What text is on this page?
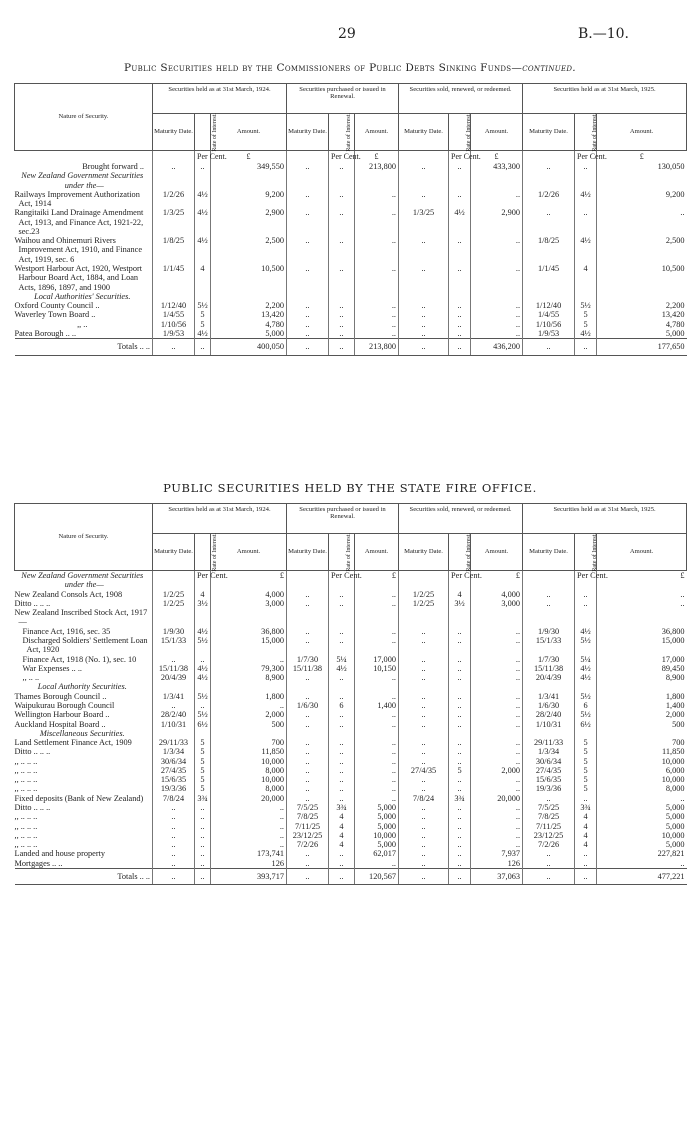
29	B.—10.
Public Securities held by the Commissioners of Public Debts Sinking Funds—continued.
Nature of Security.	Securities held as at 31st March, 1924.			Securities purchased or issued in Renewal.			Securities sold, renewed, or redeemed.			Securities held as at 31st March, 1925.		
	Maturity Date.	Rate of Interest.	Amount.	Maturity Date.	Rate of Interest.	Amount.	Maturity Date.	Rate of Interest.	Amount.	Maturity Date.	Rate of Interest.	Amount.
		Per Cent.	£		Per Cent.	£		Per Cent.	£		Per Cent.	£
Brought forward ..	..	..	349,550	..	..	213,800	..	..	433,300	..	..	130,050
New Zealand Government Securities under the—												
Railways Improvement Authorization Act, 1914	1/2/26	4½	9,200	..	..	..	..	..	..	1/2/26	4½	9,200
Rangitaiki Land Drainage Amendment Act, 1913, and Finance Act, 1921-22, sec.23	1/3/25	4½	2,900	..	..	..	1/3/25	4½	2,900	..	..	..
Waihou and Ohinemuri Rivers Improvement Act, 1910, and Finance Act, 1919, sec. 6	1/8/25	4½	2,500	..	..	..	..	..	..	1/8/25	4½	2,500
Westport Harbour Act, 1920, Westport Harbour Board Act, 1884, and Loan Acts, 1896, 1897, and 1900	1/1/45	4	10,500	..	..	..	..	..	..	1/1/45	4	10,500
Local Authorities' Securities.												
Oxford County Council ..	1/12/40	5½	2,200	..	..	..	..	..	..	1/12/40	5½	2,200
Waverley Town Board ..	1/4/55	5	13,420	..	..	..	..	..	..	1/4/55	5	13,420
,, ..	1/10/56	5	4,780	..	..	..	..	..	..	1/10/56	5	4,780
Patea Borough .. ..	1/9/53	4½	5,000	..	..	..	..	..	..	1/9/53	4½	5,000
Totals .. ..	..	..	400,050	..	..	213,800	..	..	436,200	..	..	177,650
PUBLIC SECURITIES HELD BY THE STATE FIRE OFFICE.
Nature of Security.	Securities held as at 31st March, 1924.			Securities purchased or issued in Renewal.			Securities sold, renewed, or redeemed.			Securities held as at 31st March, 1925.		
	Maturity Date.	Rate of Interest.	Amount.	Maturity Date.	Rate of Interest.	Amount.	Maturity Date.	Rate of Interest.	Amount.	Maturity Date.	Rate of Interest.	Amount.
New Zealand Government Securities under the—		Per Cent.	£		Per Cent.	£		Per Cent.	£		Per Cent.	£
New Zealand Consols Act, 1908	1/2/25	4	4,000	..	..	..	1/2/25	4	4,000	..	..	..
Ditto .. .. ..	1/2/25	3½	3,000	..	..	..	1/2/25	3½	3,000	..	..	..
New Zealand Inscribed Stock Act, 1917—												
Finance Act, 1916, sec. 35	1/9/30	4½	36,800	..	..	..	..	..	..	1/9/30	4½	36,800
Discharged Soldiers' Settlement Loan Act, 1920	15/1/33	5½	15,000	..	..	..	..	..	..	15/1/33	5½	15,000
Finance Act, 1918 (No. 1), sec. 10	..	..	..	1/7/30	5¼	17,000	..	..	..	1/7/30	5¼	17,000
War Expenses .. ..	15/11/38	4½	79,300	15/11/38	4½	10,150	..	..	..	15/11/38	4½	89,450
,, .. ..	20/4/39	4½	8,900	..	..	..	..	..	..	20/4/39	4½	8,900
Local Authority Securities.												
Thames Borough Council ..	1/3/41	5½	1,800	..	..	..	..	..	..	1/3/41	5½	1,800
Waipukurau Borough Council	..	..	..	1/6/30	6	1,400	..	..	..	1/6/30	6	1,400
Wellington Harbour Board ..	28/2/40	5½	2,000	..	..	..	..	..	..	28/2/40	5½	2,000
Auckland Hospital Board ..	1/10/31	6½	500	..	..	..	..	..	..	1/10/31	6½	500
Miscellaneous Securities.												
Land Settlement Finance Act, 1909	29/11/33	5	700	..	..	..	..	..	..	29/11/33	5	700
Ditto .. .. ..	1/3/34	5	11,850	..	..	..	..	..	..	1/3/34	5	11,850
,, .. .. ..	30/6/34	5	10,000	..	..	..	..	..	..	30/6/34	5	10,000
,, .. .. ..	27/4/35	5	8,000	..	..	..	27/4/35	5	2,000	27/4/35	5	6,000
,, .. .. ..	15/6/35	5	10,000	..	..	..	..	..	..	15/6/35	5	10,000
,, .. .. ..	19/3/36	5	8,000	..	..	..	..	..	..	19/3/36	5	8,000
Fixed deposits (Bank of New Zealand)	7/8/24	3¾	20,000	..	..	..	7/8/24	3¾	20,000	..	..	..
Ditto .. .. ..	..	..	..	7/5/25	3¾	5,000	..	..	..	7/5/25	3¾	5,000
,, .. .. ..	..	..	..	7/8/25	4	5,000	..	..	..	7/8/25	4	5,000
,, .. .. ..	..	..	..	7/11/25	4	5,000	..	..	..	7/11/25	4	5,000
,, .. .. ..	..	..	..	23/12/25	4	10,000	..	..	..	23/12/25	4	10,000
,, .. .. ..	..	..	..	7/2/26	4	5,000	..	..	..	7/2/26	4	5,000
Landed and house property	..	..	173,741	..	..	62,017	..	..	7,937	..	..	227,821
Mortgages .. ..	..	..	126	..	..	..	..	..	126	..	..	..
Totals .. ..	..	..	393,717	..	..	120,567	..	..	37,063	..	..	477,221
